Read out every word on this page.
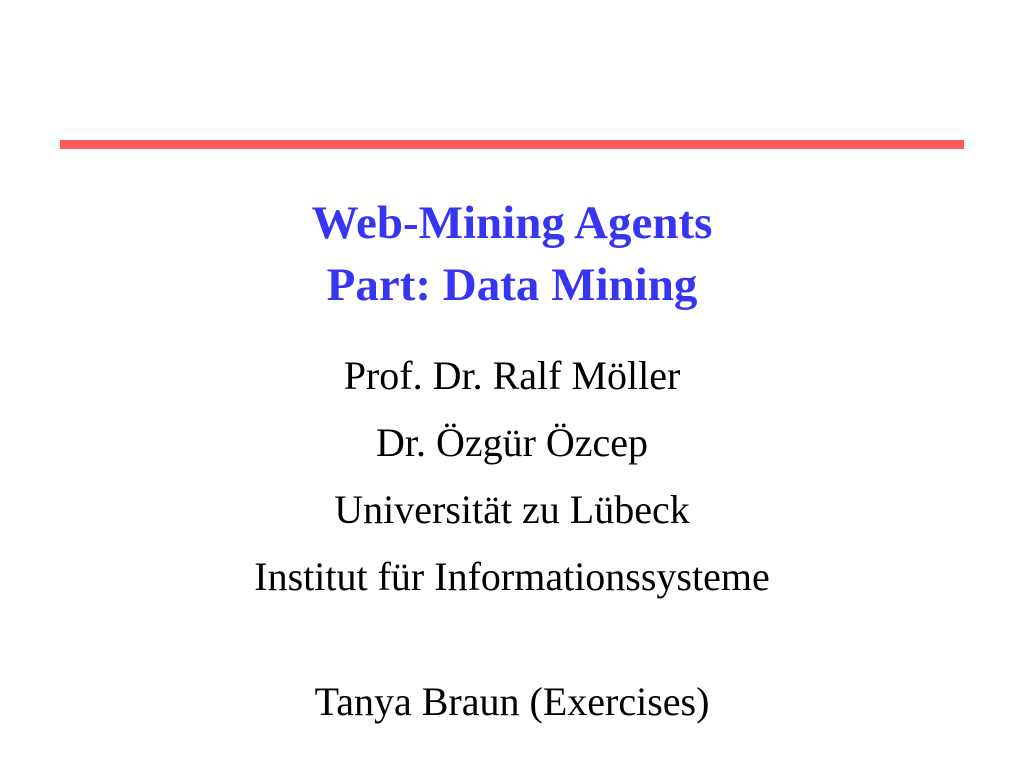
Web-Mining Agents
Part: Data Mining
Prof. Dr. Ralf Möller
Dr. Özgür Özcep
Universität zu Lübeck
Institut für Informationssysteme
Tanya Braun (Exercises)
